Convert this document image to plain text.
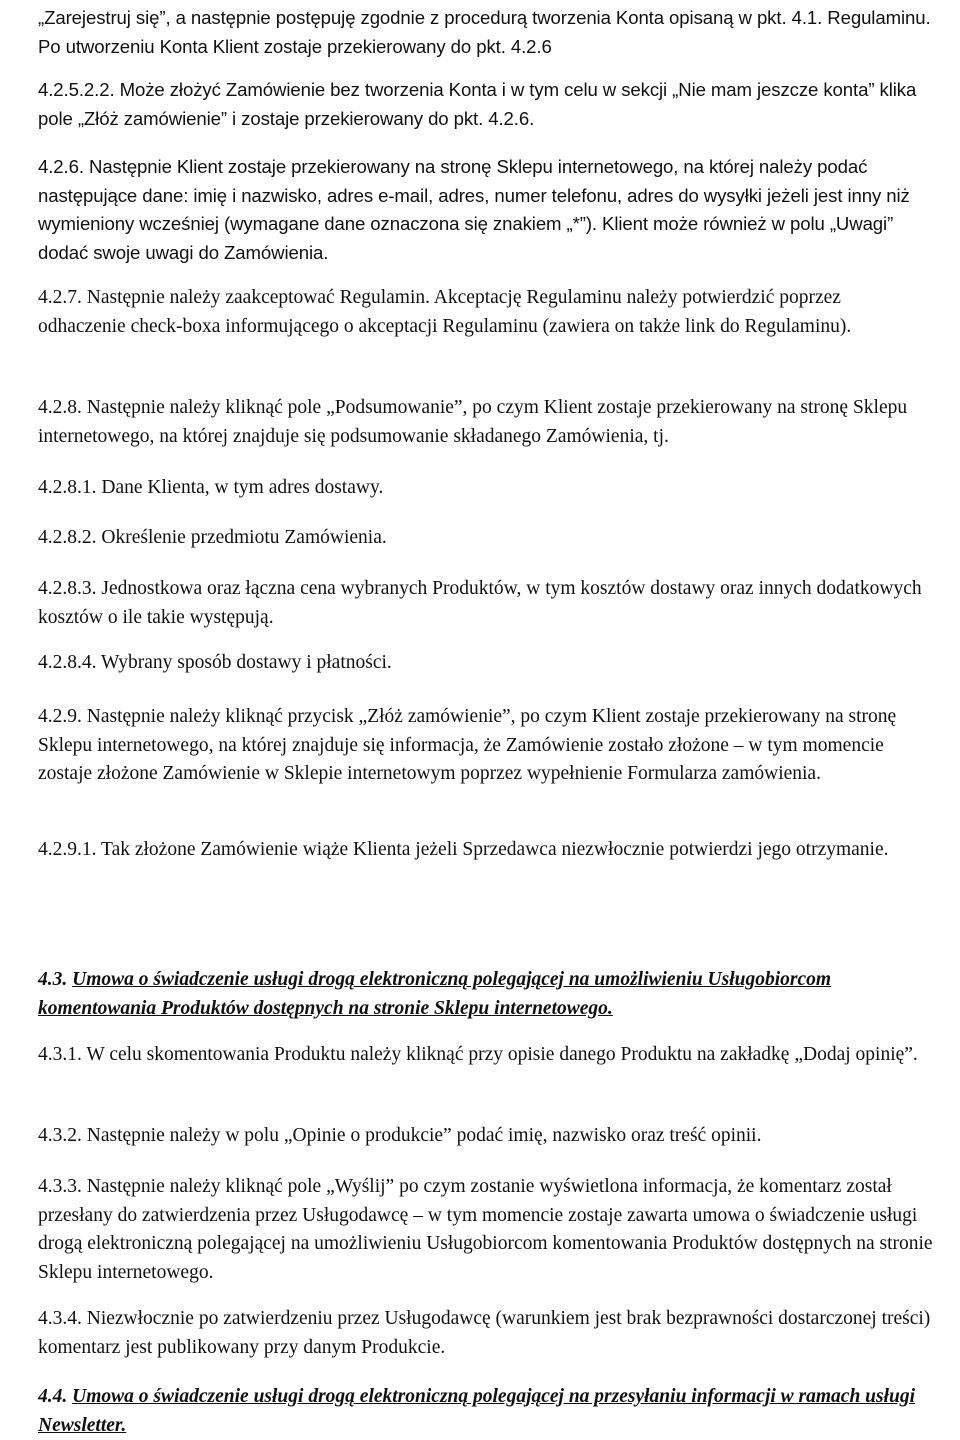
„Zarejestruj się”, a następnie postępuję zgodnie z procedurą tworzenia Konta opisaną w pkt. 4.1. Regulaminu. Po utworzeniu Konta Klient zostaje przekierowany do pkt. 4.2.6

4.2.5.2.2. Może złożyć Zamówienie bez tworzenia Konta i w tym celu w sekcji „Nie mam jeszcze konta” klika pole „Złóż zamówienie” i zostaje przekierowany do pkt. 4.2.6.

4.2.6. Następnie Klient zostaje przekierowany na stronę Sklepu internetowego, na której należy podać następujące dane: imię i nazwisko, adres e-mail, adres, numer telefonu, adres do wysyłki jeżeli jest inny niż wymieniony wcześniej (wymagane dane oznaczona się znakiem „*”). Klient może również w polu „Uwagi” dodać swoje uwagi do Zamówienia.

4.2.7. Następnie należy zaakceptować Regulamin. Akceptację Regulaminu należy potwierdzić poprzez odhaczenie check-boxa informującego o akceptacji Regulaminu (zawiera on także link do Regulaminu).

4.2.8. Następnie należy kliknąć pole „Podsumowanie”, po czym Klient zostaje przekierowany na stronę Sklepu internetowego, na której znajduje się podsumowanie składanego Zamówienia, tj.

4.2.8.1. Dane Klienta, w tym adres dostawy.

4.2.8.2. Określenie przedmiotu Zamówienia.

4.2.8.3. Jednostkowa oraz łączna cena wybranych Produktów, w tym kosztów dostawy oraz innych dodatkowych kosztów o ile takie występują.

4.2.8.4. Wybrany sposób dostawy i płatności.

4.2.9. Następnie należy kliknąć przycisk „Złóż zamówienie”, po czym Klient zostaje przekierowany na stronę Sklepu internetowego, na której znajduje się informacja, że Zamówienie zostało złożone – w tym momencie zostaje złożone Zamówienie w Sklepie internetowym poprzez wypełnienie Formularza zamówienia.

4.2.9.1. Tak złożone Zamówienie wiąże Klienta jeżeli Sprzedawca niezwłocznie potwierdzi jego otrzymanie.

4.3. Umowa o świadczenie usługi drogą elektroniczną polegającej na umożliwieniu Usługobiorcom komentowania Produktów dostępnych na stronie Sklepu internetowego.

4.3.1. W celu skomentowania Produktu należy kliknąć przy opisie danego Produktu na zakładkę „Dodaj opinię”.

4.3.2. Następnie należy w polu „Opinie o produkcie” podać imię, nazwisko oraz treść opinii.

4.3.3. Następnie należy kliknąć pole „Wyślij” po czym zostanie wyświetlona informacja, że komentarz został przesłany do zatwierdzenia przez Usługodawcę – w tym momencie zostaje zawarta umowa o świadczenie usługi drogą elektroniczną polegającej na umożliwieniu Usługobiorcom komentowania Produktów dostępnych na stronie Sklepu internetowego.

4.3.4. Niezwłocznie po zatwierdzeniu przez Usługodawcę (warunkiem jest brak bezprawności dostarczonej treści) komentarz jest publikowany przy danym Produkcie.

4.4. Umowa o świadczenie usługi drogą elektroniczną polegającej na przesyłaniu informacji w ramach usługi Newsletter.
